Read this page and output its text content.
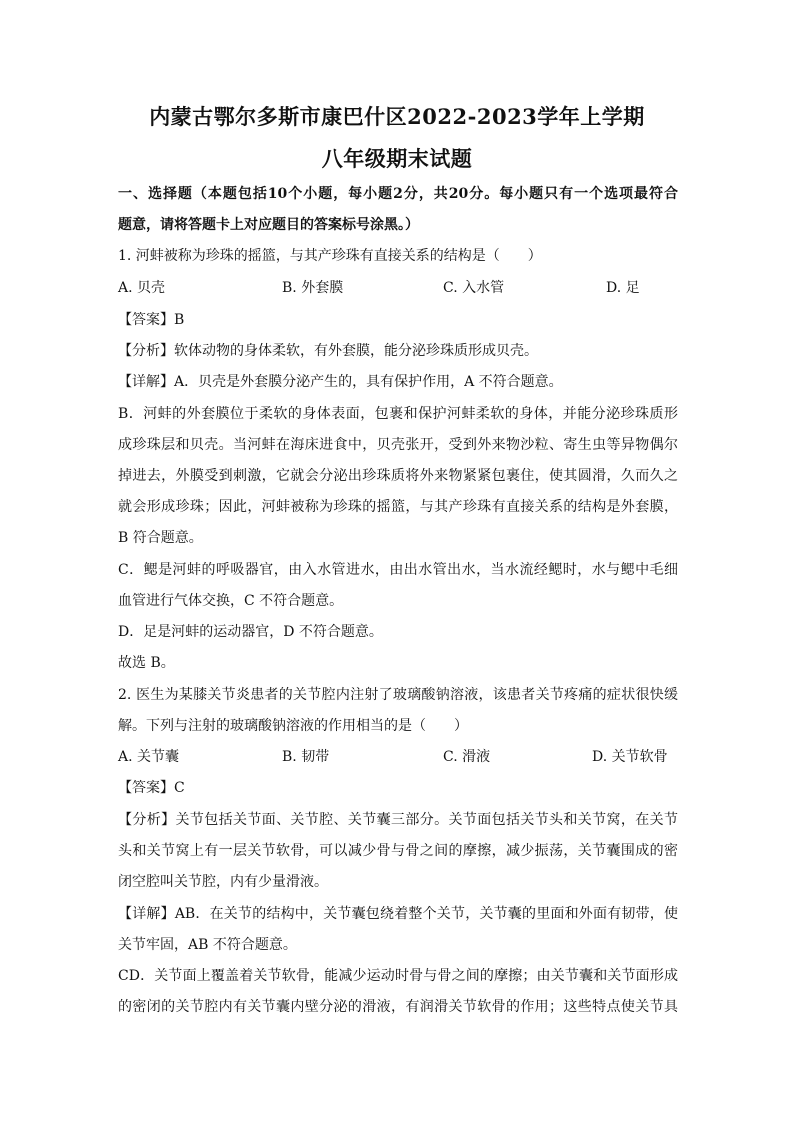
内蒙古鄂尔多斯市康巴什区2022-2023学年上学期
八年级期末试题
一、选择题（本题包括10个小题，每小题2分，共20分。每小题只有一个选项最符合
题意，请将答题卡上对应题目的答案标号涂黑。）
1. 河蚌被称为珍珠的摇篮，与其产珍珠有直接关系的结构是（　　）
A. 贝壳	B. 外套膜	C. 入水管	D. 足
【答案】B
【分析】软体动物的身体柔软，有外套膜，能分泌珍珠质形成贝壳。
【详解】A．贝壳是外套膜分泌产生的，具有保护作用，A 不符合题意。
B．河蚌的外套膜位于柔软的身体表面，包裹和保护河蚌柔软的身体，并能分泌珍珠质形
成珍珠层和贝壳。当河蚌在海床进食中，贝壳张开，受到外来物沙粒、寄生虫等异物偶尔
掉进去，外膜受到刺激，它就会分泌出珍珠质将外来物紧紧包裹住，使其圆滑，久而久之
就会形成珍珠；因此，河蚌被称为珍珠的摇篮，与其产珍珠有直接关系的结构是外套膜，
B 符合题意。
C．鳃是河蚌的呼吸器官，由入水管进水，由出水管出水，当水流经鳃时，水与鳃中毛细
血管进行气体交换，C 不符合题意。
D．足是河蚌的运动器官，D 不符合题意。
故选 B。
2. 医生为某膝关节炎患者的关节腔内注射了玻璃酸钠溶液，该患者关节疼痛的症状很快缓
解。下列与注射的玻璃酸钠溶液的作用相当的是（　　）
A. 关节囊	B. 韧带	C. 滑液	D. 关节软骨
【答案】C
【分析】关节包括关节面、关节腔、关节囊三部分。关节面包括关节头和关节窝，在关节
头和关节窝上有一层关节软骨，可以减少骨与骨之间的摩擦，减少振荡，关节囊围成的密
闭空腔叫关节腔，内有少量滑液。
【详解】AB．在关节的结构中，关节囊包绕着整个关节，关节囊的里面和外面有韧带，使
关节牢固，AB 不符合题意。
CD．关节面上覆盖着关节软骨，能减少运动时骨与骨之间的摩擦；由关节囊和关节面形成
的密闭的关节腔内有关节囊内壁分泌的滑液，有润滑关节软骨的作用；这些特点使关节具
